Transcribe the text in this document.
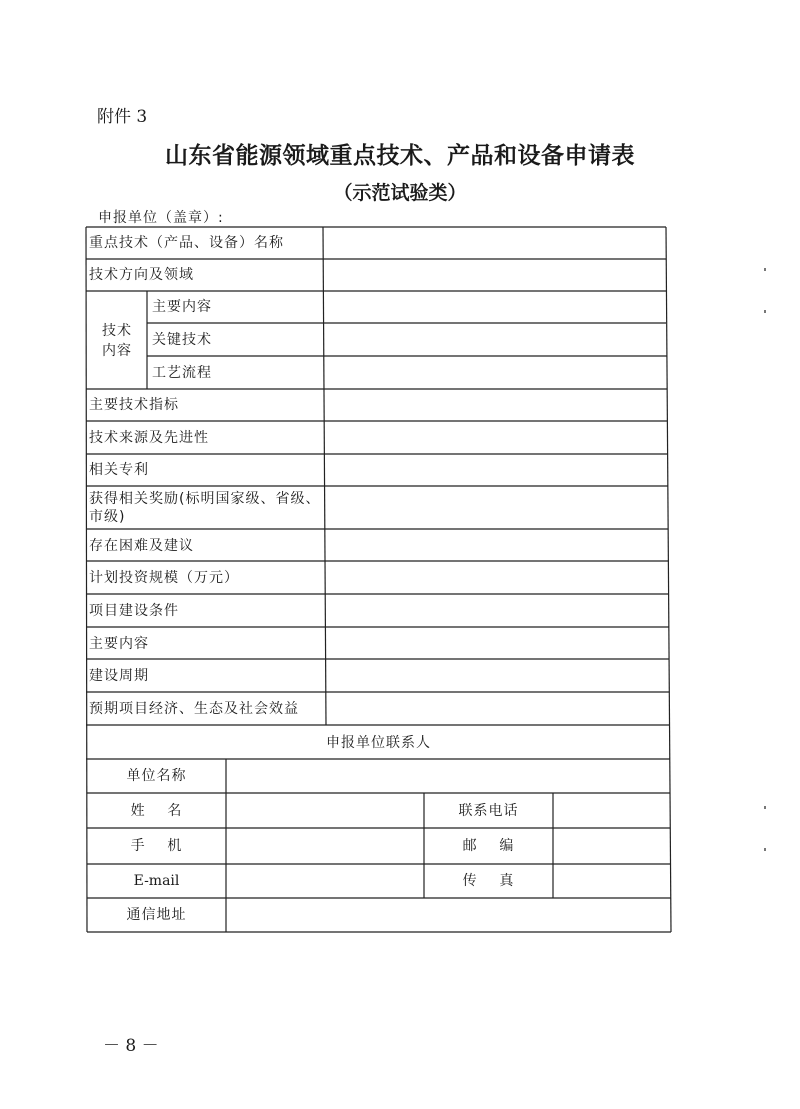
附件 3
山东省能源领域重点技术、产品和设备申请表
（示范试验类）
申报单位（盖章）:
重点技术（产品、设备）名称
技术方向及领域
技术
内容
主要内容
关键技术
工艺流程
主要技术指标
技术来源及先进性
相关专利
获得相关奖励(标明国家级、省级、市级)
存在困难及建议
计划投资规模（万元）
项目建设条件
主要内容
建设周期
预期项目经济、生态及社会效益
申报单位联系人
单位名称
姓    名	联系电话
手    机	邮    编
E-mail	传    真
通信地址
－ 8 －
